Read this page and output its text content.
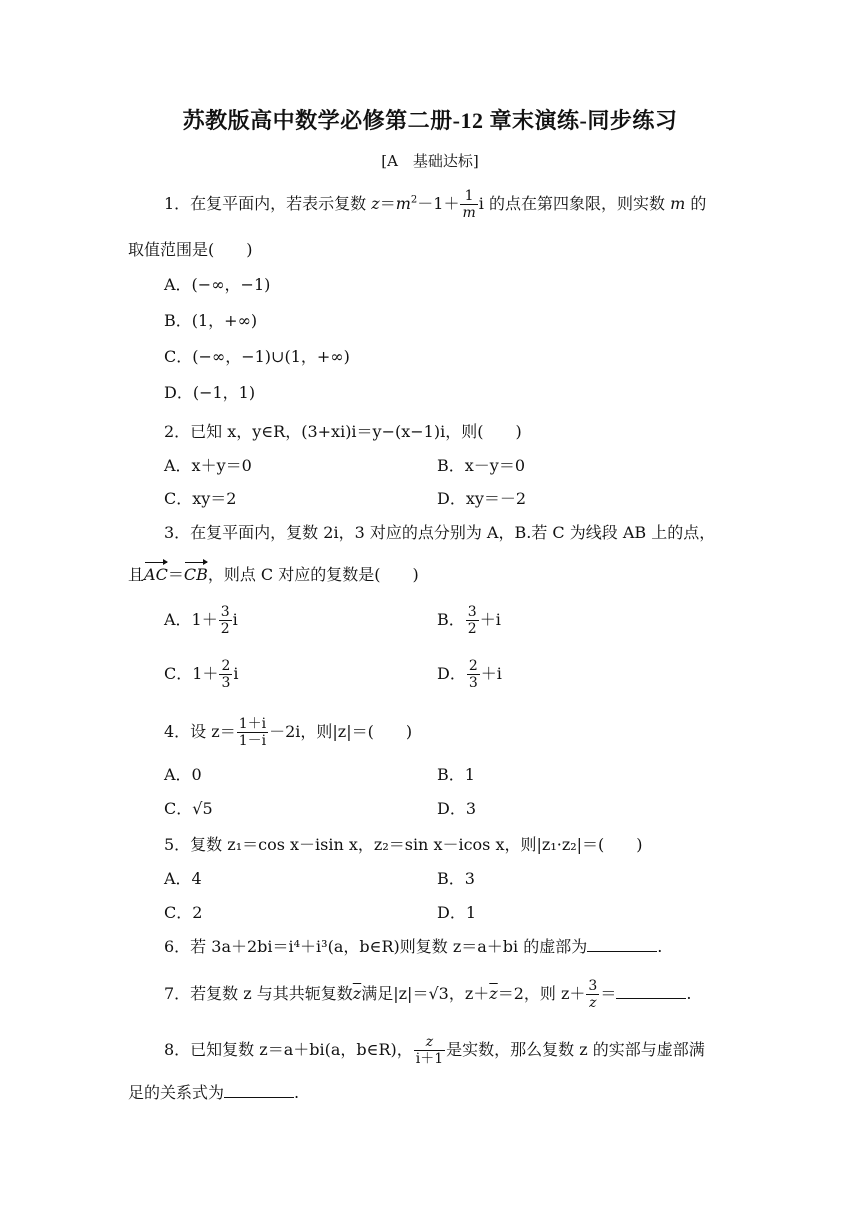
苏教版高中数学必修第二册-12 章末演练-同步练习
[A　基础达标]
1．在复平面内，若表示复数 $z=m^2-1+ \frac{1}{m}$ i 的点在第四象限，则实数 m 的
取值范围是(　　)
A．(−∞，−1)
B．(1，+∞)
C．(−∞，−1)∪(1，+∞)
D．(−1，1)
2．已知 x，y∈R，(3+xi)i＝y−(x−1)i，则(　　)
A．x＋y＝0	B．x－y＝0
C．xy＝2	D．xy＝－2
3．在复平面内，复数 2i，3 对应的点分别为 A，B.若 C 为线段 AB 上的点，
且AC＝CB，则点 C 对应的复数是(　　)
A．$1+ \frac{3}{2}$ i	B． $\frac{3}{2} +i$
C．$1+ \frac{2}{3}$ i	D． $\frac{2}{3} +i$
4．设 $z= \frac{1+i}{1-i} -2i$，则|z|＝(　　)
A．0	B．1
C．√5	D．3
5．复数 z₁＝cos x－isin x，z₂＝sin x－icos x，则|z₁·z₂|＝(　　)
A．4	B．3
C．2	D．1
6．若 3a＋2bi＝i⁴＋i³(a，b∈R)则复数 z＝a＋bi 的虚部为	.
7．若复数 z 与其共轭复数$\overline{z}$满足|z|＝√3，$z+\overline{z}=2$，则 $z+ \frac{3}{z}$ ＝	.
8．已知复数 z＝a＋bi(a，b∈R)， $\frac{z}{i+1}$ 是实数，那么复数 z 的实部与虚部满
足的关系式为	.
